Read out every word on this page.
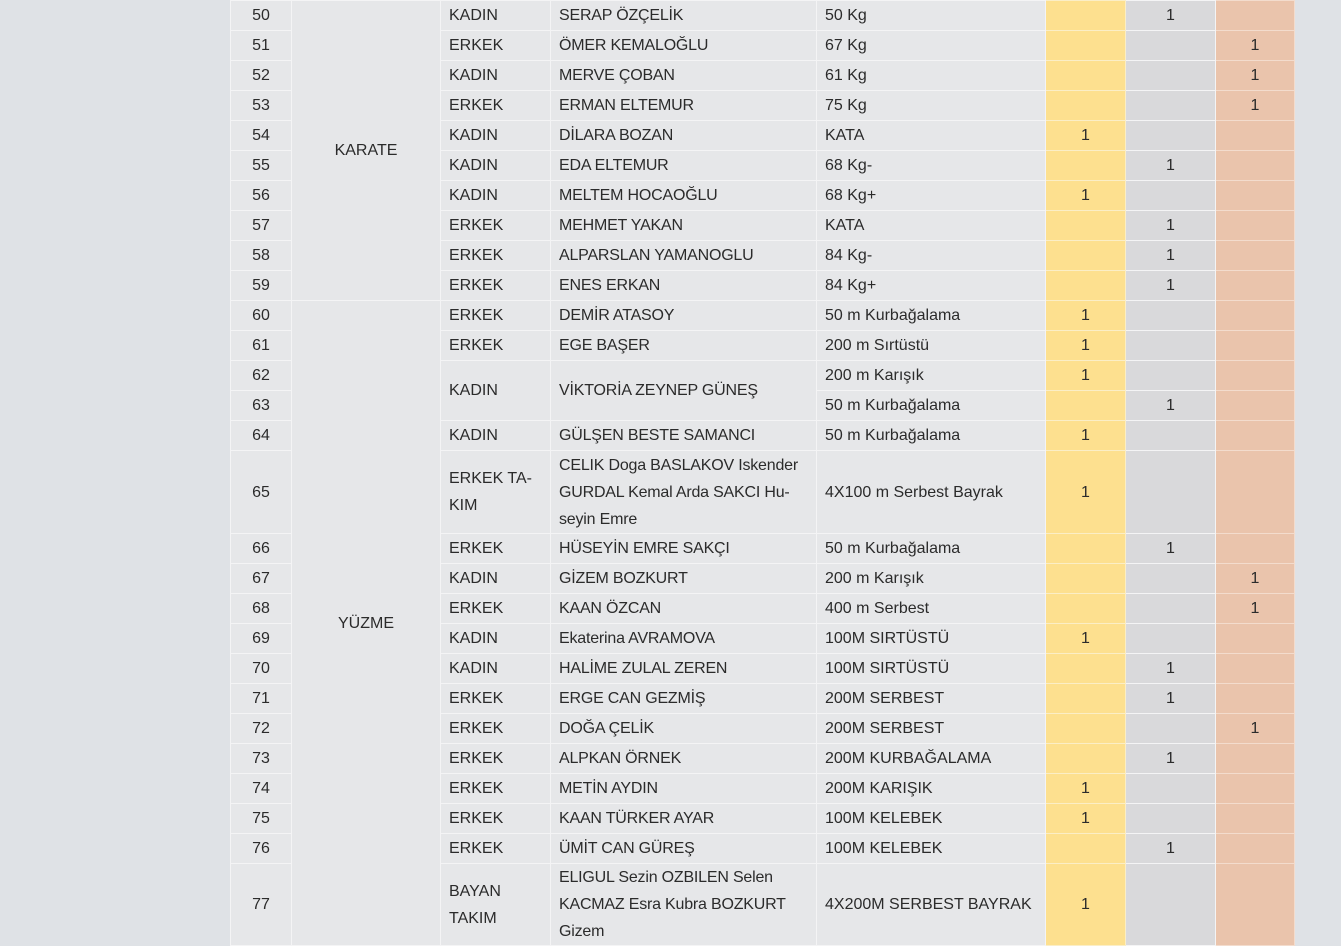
50	KARATE	KADIN	SERAP ÖZÇELİK	50 Kg		1	
51		ERKEK	ÖMER KEMALOĞLU	67 Kg			1
52		KADIN	MERVE ÇOBAN	61 Kg			1
53		ERKEK	ERMAN ELTEMUR	75 Kg			1
54		KADIN	DİLARA BOZAN	KATA	1		
55		KADIN	EDA ELTEMUR	68 Kg-		1	
56		KADIN	MELTEM HOCAOĞLU	68 Kg+	1		
57		ERKEK	MEHMET YAKAN	KATA		1	
58		ERKEK	ALPARSLAN YAMANOGLU	84 Kg-		1	
59		ERKEK	ENES ERKAN	84 Kg+		1	
60	YÜZME	ERKEK	DEMİR ATASOY	50 m Kurbağalama	1		
61		ERKEK	EGE BAŞER	200 m Sırtüstü	1		
62		KADIN	VİKTORİA ZEYNEP GÜNEŞ	200 m Karışık	1		
63				50 m Kurbağalama		1	
64		KADIN	GÜLŞEN BESTE SAMANCI	50 m Kurbağalama	1		
65		ERKEK TA-KIM	CELIK Doga BASLAKOV Iskender GURDAL Kemal Arda SAKCI Hu-seyin Emre	4X100 m Serbest Bayrak	1		
66		ERKEK	HÜSEYİN EMRE SAKÇI	50 m Kurbağalama		1	
67		KADIN	GİZEM BOZKURT	200 m Karışık			1
68		ERKEK	KAAN ÖZCAN	400 m Serbest			1
69		KADIN	Ekaterina AVRAMOVA	100M SIRTÜSTÜ	1		
70		KADIN	HALİME ZULAL ZEREN	100M SIRTÜSTÜ		1	
71		ERKEK	ERGE CAN GEZMİŞ	200M SERBEST		1	
72		ERKEK	DOĞA ÇELİK	200M SERBEST			1
73		ERKEK	ALPKAN ÖRNEK	200M KURBAĞALAMA		1	
74		ERKEK	METİN AYDIN	200M KARIŞIK	1		
75		ERKEK	KAAN TÜRKER AYAR	100M KELEBEK	1		
76		ERKEK	ÜMİT CAN GÜREŞ	100M KELEBEK		1	
77		BAYAN TAKIM	ELIGUL Sezin OZBILEN Selen KACMAZ Esra Kubra BOZKURT Gizem	4X200M SERBEST BAYRAK	1		
